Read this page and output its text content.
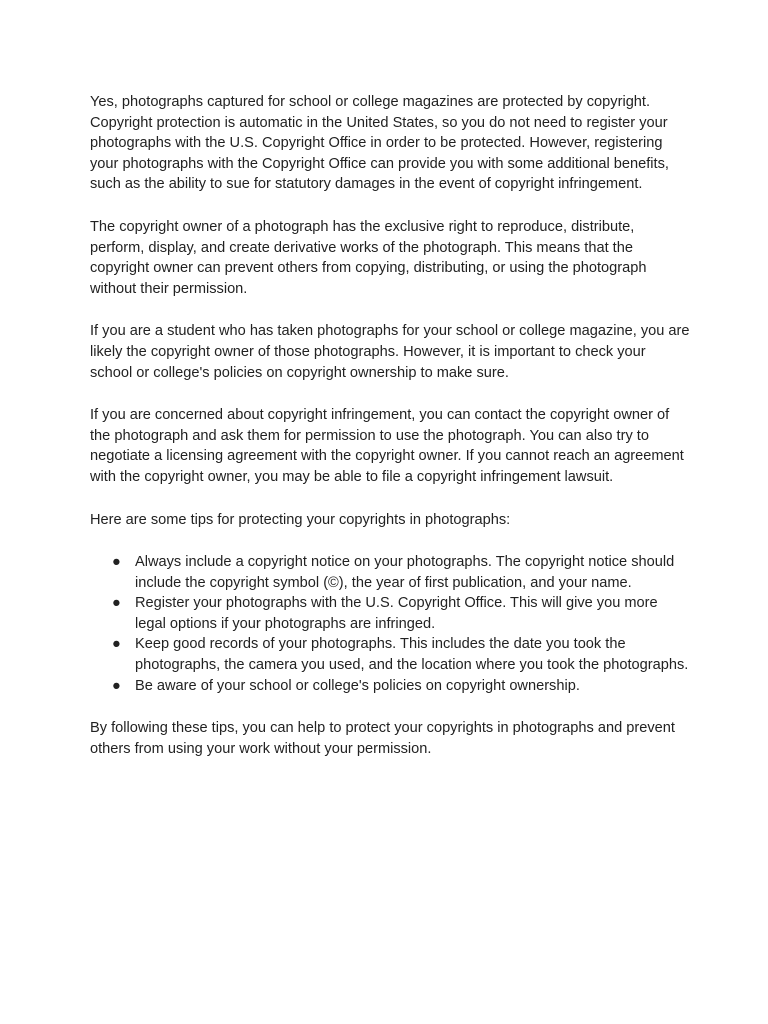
Yes, photographs captured for school or college magazines are protected by copyright. Copyright protection is automatic in the United States, so you do not need to register your photographs with the U.S. Copyright Office in order to be protected. However, registering your photographs with the Copyright Office can provide you with some additional benefits, such as the ability to sue for statutory damages in the event of copyright infringement.

The copyright owner of a photograph has the exclusive right to reproduce, distribute, perform, display, and create derivative works of the photograph. This means that the copyright owner can prevent others from copying, distributing, or using the photograph without their permission.

If you are a student who has taken photographs for your school or college magazine, you are likely the copyright owner of those photographs. However, it is important to check your school or college's policies on copyright ownership to make sure.

If you are concerned about copyright infringement, you can contact the copyright owner of the photograph and ask them for permission to use the photograph. You can also try to negotiate a licensing agreement with the copyright owner. If you cannot reach an agreement with the copyright owner, you may be able to file a copyright infringement lawsuit.

Here are some tips for protecting your copyrights in photographs:

● Always include a copyright notice on your photographs. The copyright notice should include the copyright symbol (©), the year of first publication, and your name.
● Register your photographs with the U.S. Copyright Office. This will give you more legal options if your photographs are infringed.
● Keep good records of your photographs. This includes the date you took the photographs, the camera you used, and the location where you took the photographs.
● Be aware of your school or college's policies on copyright ownership.

By following these tips, you can help to protect your copyrights in photographs and prevent others from using your work without your permission.
